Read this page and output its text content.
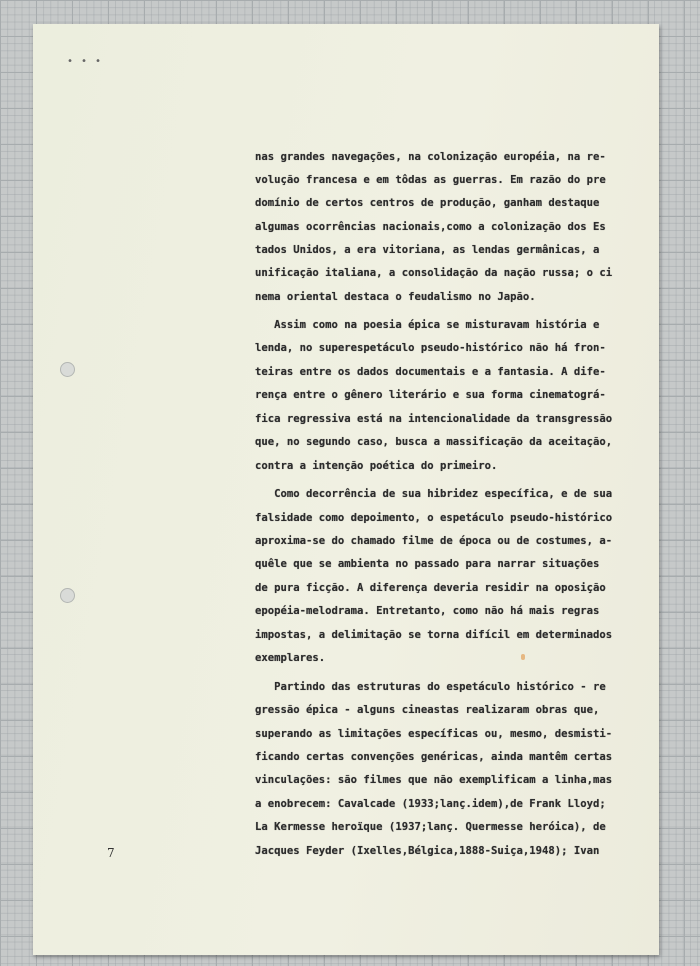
•••

nas grandes navegações, na colonização européia, na re-

volução francesa e em tôdas as guerras. Em razão do pre

domínio de certos centros de produção, ganham destaque

algumas ocorrências nacionais,como a colonização dos Es

tados Unidos, a era vitoriana, as lendas germânicas, a

unificação italiana, a consolidação da nação russa; o ci

nema oriental destaca o feudalismo no Japão.

Assim como na poesia épica se misturavam história e

lenda, no superespetáculo pseudo-histórico não há fron-

teiras entre os dados documentais e a fantasia. A dife-

rença entre o gênero literário e sua forma cinematográ-

fica regressiva está na intencionalidade da transgressão

que, no segundo caso, busca a massificação da aceitação,

contra a intenção poética do primeiro.

Como decorrência de sua hibridez específica, e de sua

falsidade como depoimento, o espetáculo pseudo-histórico

aproxima-se do chamado filme de época ou de costumes, a-

quêle que se ambienta no passado para narrar situações

de pura ficção. A diferença deveria residir na oposição

epopéia-melodrama. Entretanto, como não há mais regras

impostas, a delimitação se torna difícil em determinados

exemplares.

Partindo das estruturas do espetáculo histórico - re

gressão épica - alguns cineastas realizaram obras que,

superando as limitações específicas ou, mesmo, desmisti-

ficando certas convenções genéricas, ainda mantêm certas

vinculações: são filmes que não exemplificam a linha,mas

a enobrecem: Cavalcade (1933;lanç.idem),de Frank Lloyd;

La Kermesse heroïque (1937;lanç. Quermesse heróica), de

Jacques Feyder (Ixelles,Bélgica,1888-Suiça,1948); Ivan

7
